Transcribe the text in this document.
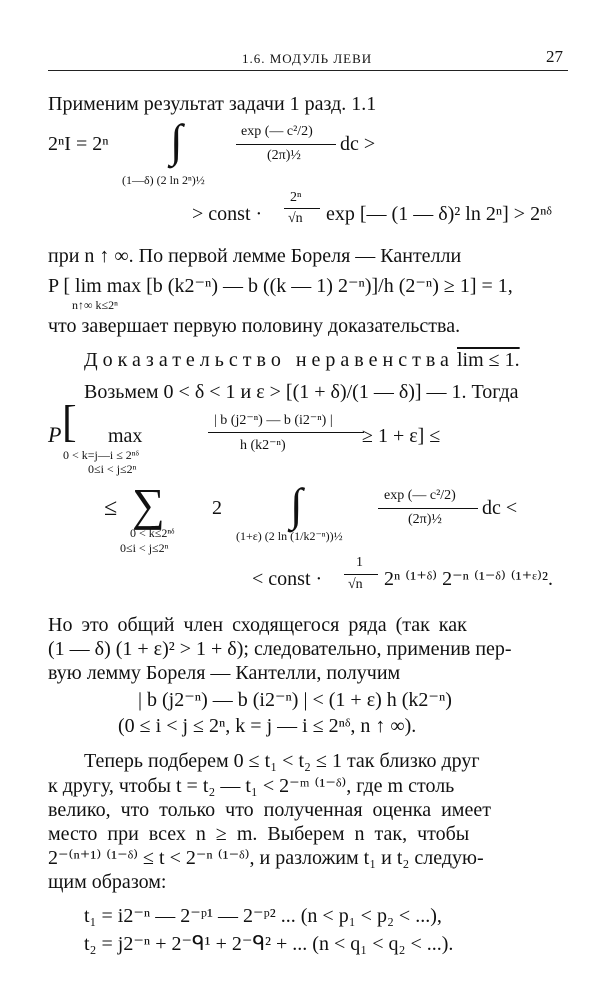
1.6. МОДУЛЬ ЛЕВИ	27
Применим результат задачи 1 разд. 1.1
2ⁿI = 2ⁿ ∫	exp (— c²/2)
(2π)½
dc >
(1—δ) (2 ln 2ⁿ)½
> const ·
2ⁿ
√n exp [— (1 — δ)² ln 2ⁿ] > 2ⁿᵟ
при n ↑ ∞. По первой лемме Бореля — Кантелли
P [ lim max [b (k2⁻ⁿ) — b ((k — 1) 2⁻ⁿ)]/h (2⁻ⁿ) ≥ 1] = 1,
n↑∞ k≤2ⁿ
что завершает первую половину доказательства.
Доказательство неравенства lim ≤ 1.
Возьмем 0 < δ < 1 и ε > [(1 + δ)/(1 — δ)] — 1. Тогда
P [ max
| b (j2⁻ⁿ) — b (i2⁻ⁿ) |
h (k2⁻ⁿ)	≥ 1 + ε] ≤
0 < k=j—i ≤ 2ⁿᵟ
0≤i < j≤2ⁿ
≤ ∑ 2 ∫	exp (— c²/2)
(2π)½
dc <
0 < k≤2ⁿᵟ
0≤i < j≤2ⁿ
(1+ε) (2 ln (1/k2⁻ⁿ))½
< const ·
1
√n 2ⁿ ⁽¹⁺ᵟ⁾ 2⁻ⁿ ⁽¹⁻ᵟ⁾ ⁽¹⁺ᵋ⁾².
Но это общий член сходящегося ряда (так как
(1 — δ) (1 + ε)² > 1 + δ); следовательно, применив пер-
вую лемму Бореля — Кантелли, получим
| b (j2⁻ⁿ) — b (i2⁻ⁿ) | < (1 + ε) h (k2⁻ⁿ)
(0 ≤ i < j ≤ 2ⁿ, k = j — i ≤ 2ⁿᵟ, n ↑ ∞).
Теперь подберем 0 ≤ t₁ < t₂ ≤ 1 так близко друг
к другу, чтобы t = t₂ — t₁ < 2⁻ᵐ ⁽¹⁻ᵟ⁾, где m столь
велико, что только что полученная оценка имеет
место при всех n ≥ m. Выберем n так, чтобы
2⁻⁽ⁿ⁺¹⁾ ⁽¹⁻ᵟ⁾ ≤ t < 2⁻ⁿ ⁽¹⁻ᵟ⁾, и разложим t₁ и t₂ следую-
щим образом:
t₁ = i2⁻ⁿ — 2⁻ᵖ¹ — 2⁻ᵖ² ... (n < p₁ < p₂ < ...),
t₂ = j2⁻ⁿ + 2⁻ᑫ¹ + 2⁻ᑫ² + ... (n < q₁ < q₂ < ...).
